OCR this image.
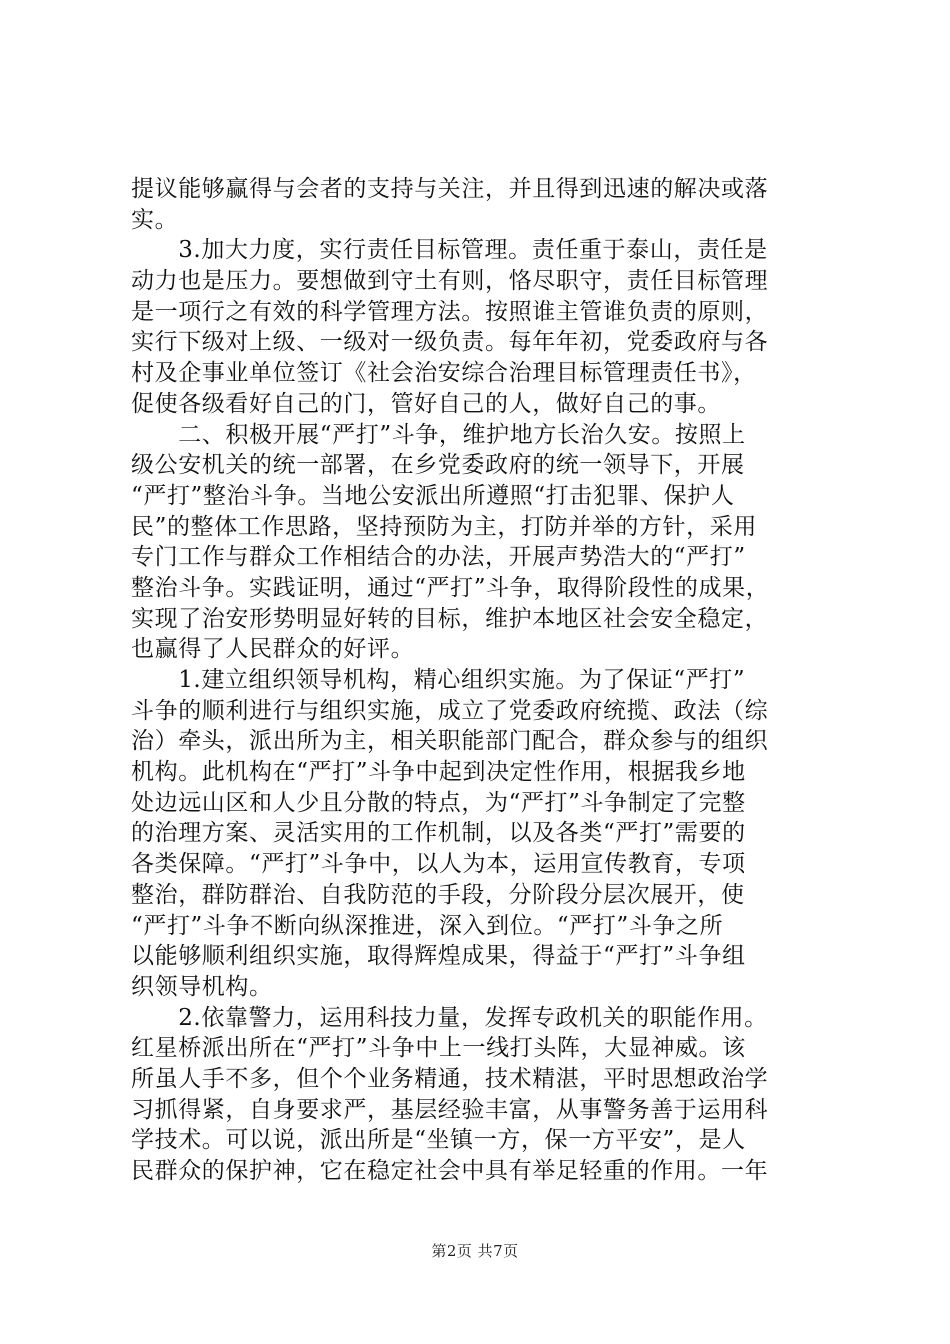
提议能够赢得与会者的支持与关注，并且得到迅速的解决或落
实。
　　3.加大力度，实行责任目标管理。责任重于泰山，责任是
动力也是压力。要想做到守土有则，恪尽职守，责任目标管理
是一项行之有效的科学管理方法。按照谁主管谁负责的原则，
实行下级对上级、一级对一级负责。每年年初，党委政府与各
村及企事业单位签订《社会治安综合治理目标管理责任书》，
促使各级看好自己的门，管好自己的人，做好自己的事。
　　二、积极开展“严打”斗争，维护地方长治久安。按照上
级公安机关的统一部署，在乡党委政府的统一领导下，开展
“严打”整治斗争。当地公安派出所遵照“打击犯罪、保护人
民”的整体工作思路，坚持预防为主，打防并举的方针，采用
专门工作与群众工作相结合的办法，开展声势浩大的“严打”
整治斗争。实践证明，通过“严打”斗争，取得阶段性的成果，
实现了治安形势明显好转的目标，维护本地区社会安全稳定，
也赢得了人民群众的好评。
　　1.建立组织领导机构，精心组织实施。为了保证“严打”
斗争的顺利进行与组织实施，成立了党委政府统揽、政法（综
治）牵头，派出所为主，相关职能部门配合，群众参与的组织
机构。此机构在“严打”斗争中起到决定性作用，根据我乡地
处边远山区和人少且分散的特点，为“严打”斗争制定了完整
的治理方案、灵活实用的工作机制，以及各类“严打”需要的
各类保障。“严打”斗争中，以人为本，运用宣传教育，专项
整治，群防群治、自我防范的手段，分阶段分层次展开，使
“严打”斗争不断向纵深推进，深入到位。“严打”斗争之所
以能够顺利组织实施，取得辉煌成果，得益于“严打”斗争组
织领导机构。
　　2.依靠警力，运用科技力量，发挥专政机关的职能作用。
红星桥派出所在“严打”斗争中上一线打头阵，大显神威。该
所虽人手不多，但个个业务精通，技术精湛，平时思想政治学
习抓得紧，自身要求严，基层经验丰富，从事警务善于运用科
学技术。可以说，派出所是“坐镇一方，保一方平安”，是人
民群众的保护神，它在稳定社会中具有举足轻重的作用。一年
第2页 共7页
